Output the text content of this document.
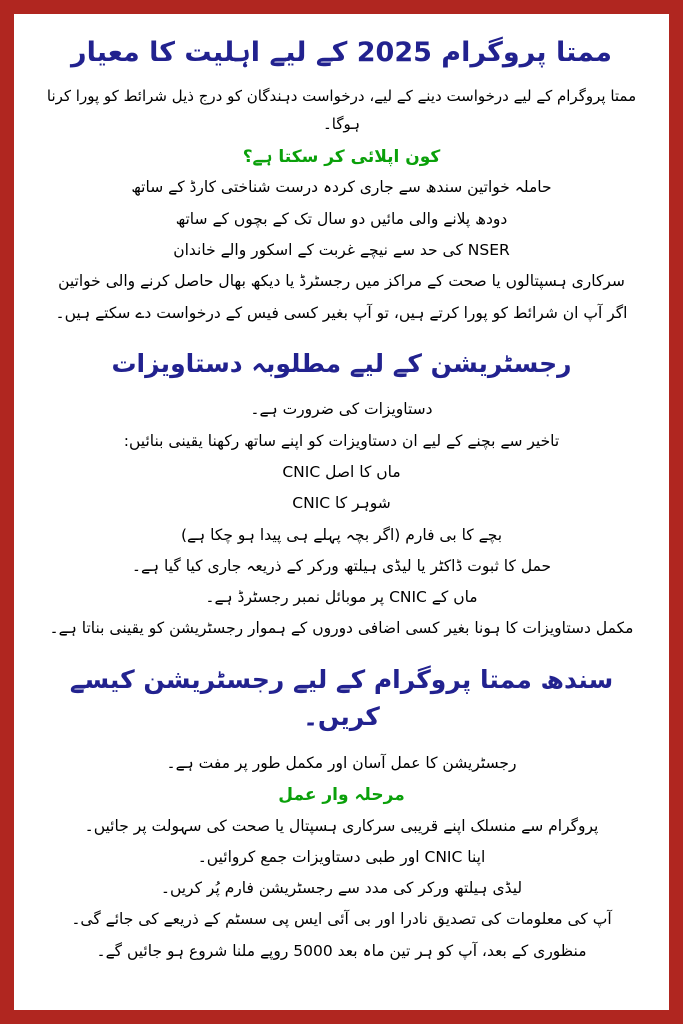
ممتا پروگرام 2025 کے لیے اہلیت کا معیار

ممتا پروگرام کے لیے درخواست دینے کے لیے، درخواست دہندگان کو درج ذیل شرائط کو پورا کرنا ہوگا۔

کون اپلائی کر سکتا ہے؟
حاملہ خواتین سندھ سے جاری کردہ درست شناختی کارڈ کے ساتھ
دودھ پلانے والی مائیں دو سال تک کے بچوں کے ساتھ
NSER کی حد سے نیچے غربت کے اسکور والے خاندان
سرکاری ہسپتالوں یا صحت کے مراکز میں رجسٹرڈ یا دیکھ بھال حاصل کرنے والی خواتین
اگر آپ ان شرائط کو پورا کرتے ہیں، تو آپ بغیر کسی فیس کے درخواست دے سکتے ہیں۔
رجسٹریشن کے لیے مطلوبہ دستاویزات
دستاویزات کی ضرورت ہے۔
تاخیر سے بچنے کے لیے ان دستاویزات کو اپنے ساتھ رکھنا یقینی بنائیں:
ماں کا اصل CNIC
شوہر کا CNIC
بچے کا بی فارم (اگر بچہ پہلے ہی پیدا ہو چکا ہے)
حمل کا ثبوت ڈاکٹر یا لیڈی ہیلتھ ورکر کے ذریعہ جاری کیا گیا ہے۔
ماں کے CNIC پر موبائل نمبر رجسٹرڈ ہے۔
مکمل دستاویزات کا ہونا بغیر کسی اضافی دوروں کے ہموار رجسٹریشن کو یقینی بناتا ہے۔
سندھ ممتا پروگرام کے لیے رجسٹریشن کیسے کریں۔
رجسٹریشن کا عمل آسان اور مکمل طور پر مفت ہے۔
مرحلہ وار عمل
پروگرام سے منسلک اپنے قریبی سرکاری ہسپتال یا صحت کی سہولت پر جائیں۔
اپنا CNIC اور طبی دستاویزات جمع کروائیں۔
لیڈی ہیلتھ ورکر کی مدد سے رجسٹریشن فارم پُر کریں۔
آپ کی معلومات کی تصدیق نادرا اور بی آئی ایس پی سسٹم کے ذریعے کی جائے گی۔
منظوری کے بعد، آپ کو ہر تین ماہ بعد 5000 روپے ملنا شروع ہو جائیں گے۔
